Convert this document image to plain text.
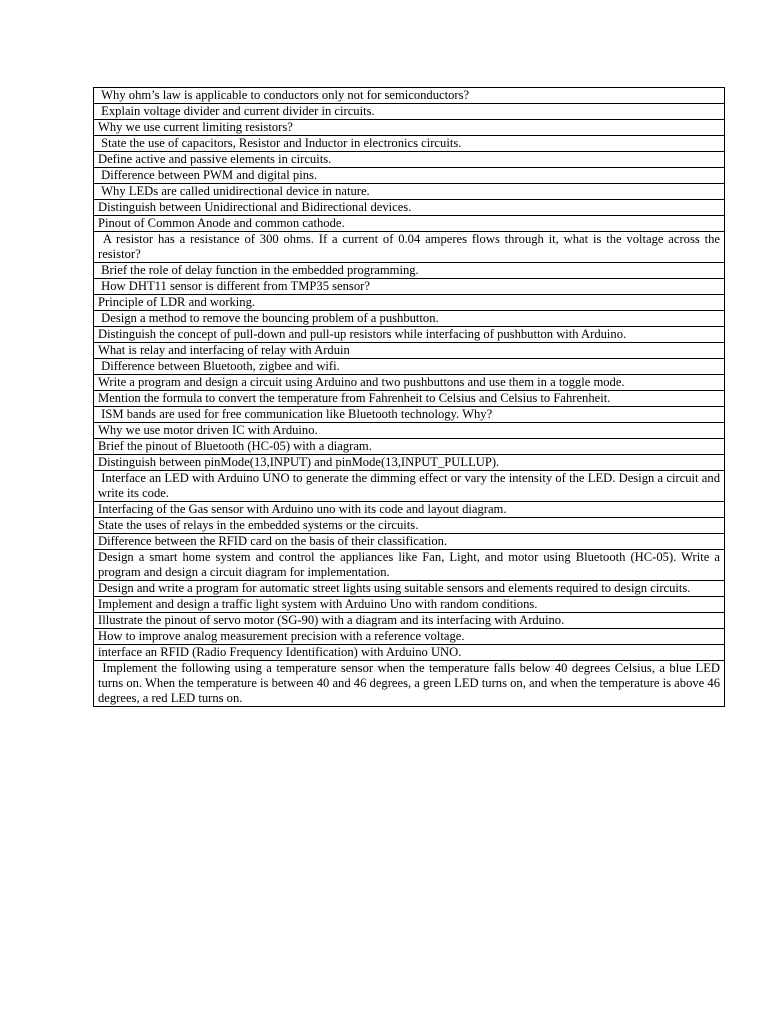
Why ohm’s law is applicable to conductors only not for semiconductors?
Explain voltage divider and current divider in circuits.
Why we use current limiting resistors?
State the use of capacitors, Resistor and Inductor in electronics circuits.
Define active and passive elements in circuits.
Difference between PWM and digital pins.
Why LEDs are called unidirectional device in nature.
Distinguish between Unidirectional and Bidirectional devices.
Pinout of Common Anode and common cathode.
A resistor has a resistance of 300 ohms. If a current of 0.04 amperes flows through it, what is the voltage across the resistor?
Brief the role of delay function in the embedded programming.
How DHT11 sensor is different from TMP35 sensor?
Principle of LDR and working.
Design a method to remove the bouncing problem of a pushbutton.
Distinguish the concept of pull-down and pull-up resistors while interfacing of pushbutton with Arduino.
What is relay and interfacing of relay with Arduin
Difference between Bluetooth, zigbee and wifi.
Write a program and design a circuit using Arduino and two pushbuttons and use them in a toggle mode.
Mention the formula to convert the temperature from Fahrenheit to Celsius and Celsius to Fahrenheit.
ISM bands are used for free communication like Bluetooth technology. Why?
Why we use motor driven IC with Arduino.
Brief the pinout of Bluetooth (HC-05) with a diagram.
Distinguish between pinMode(13,INPUT) and pinMode(13,INPUT_PULLUP).
Interface an LED with Arduino UNO to generate the dimming effect or vary the intensity of the LED. Design a circuit and write its code.
Interfacing of the Gas sensor with Arduino uno with its code and layout diagram.
State the uses of relays in the embedded systems or the circuits.
Difference between the RFID card on the basis of their classification.
Design a smart home system and control the appliances like Fan, Light, and motor using Bluetooth (HC-05). Write a program and design a circuit diagram for implementation.
Design and write a program for automatic street lights using suitable sensors and elements required to design circuits.
Implement and design a traffic light system with Arduino Uno with random conditions.
Illustrate the pinout of servo motor (SG-90) with a diagram and its interfacing with Arduino.
How to improve analog measurement precision with a reference voltage.
interface an RFID (Radio Frequency Identification) with Arduino UNO.
Implement the following using a temperature sensor when the temperature falls below 40 degrees Celsius, a blue LED turns on. When the temperature is between 40 and 46 degrees, a green LED turns on, and when the temperature is above 46 degrees, a red LED turns on.
